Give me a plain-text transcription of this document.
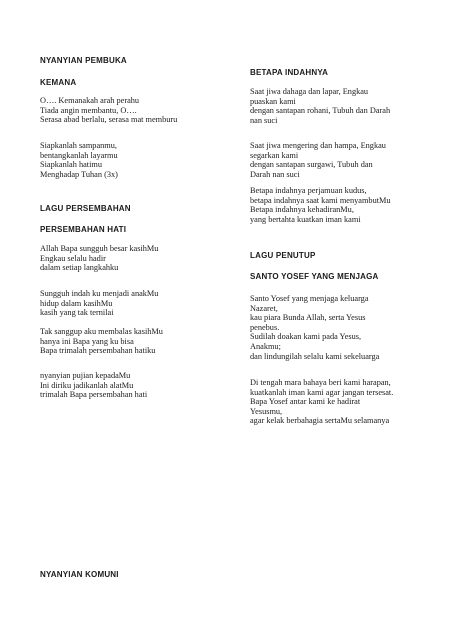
NYANYIAN PEMBUKA

KEMANA

O…. Kemanakah arah perahu
Tiada angin membantu, O….
Serasa abad berlalu, serasa mat memburu
Siapkanlah sampanmu,
bentangkanlah layarmu
Siapkanlah hatimu
Menghadap Tuhan (3x)

LAGU PERSEMBAHAN

PERSEMBAHAN HATI

Allah Bapa sungguh besar kasihMu
Engkau selalu hadir
dalam setiap langkahku
Sungguh indah ku menjadi anakMu
hidup dalam kasihMu
kasih yang tak ternilai
Tak sanggup aku membalas kasihMu
hanya ini Bapa yang ku bisa
Bapa trimalah persembahan hatiku
nyanyian pujian kepadaMu
Ini diriku jadikanlah alatMu
trimalah Bapa persembahan hati

NYANYIAN KOMUNI

BETAPA INDAHNYA

Saat jiwa dahaga dan lapar, Engkau
puaskan kami
dengan santapan rohani, Tubuh dan Darah
nan suci
Saat jiwa mengering dan hampa, Engkau
segarkan kami
dengan santapan surgawi, Tubuh dan
Darah nan suci
Betapa indahnya perjamuan kudus,
betapa indahnya saat kami menyambutMu
Betapa indahnya kehadiranMu,
yang bertahta kuatkan iman kami

LAGU PENUTUP

SANTO YOSEF YANG MENJAGA

Santo Yosef yang menjaga keluarga
Nazaret,
kau piara Bunda Allah, serta Yesus
penebus.
Sudilah doakan kami pada Yesus,
Anakmu;
dan lindungilah selalu kami sekeluarga
Di tengah mara bahaya beri kami harapan,
kuatkanlah iman kami agar jangan tersesat.
Bapa Yosef antar kami ke hadirat
Yesusmu,
agar kelak berbahagia sertaMu selamanya
